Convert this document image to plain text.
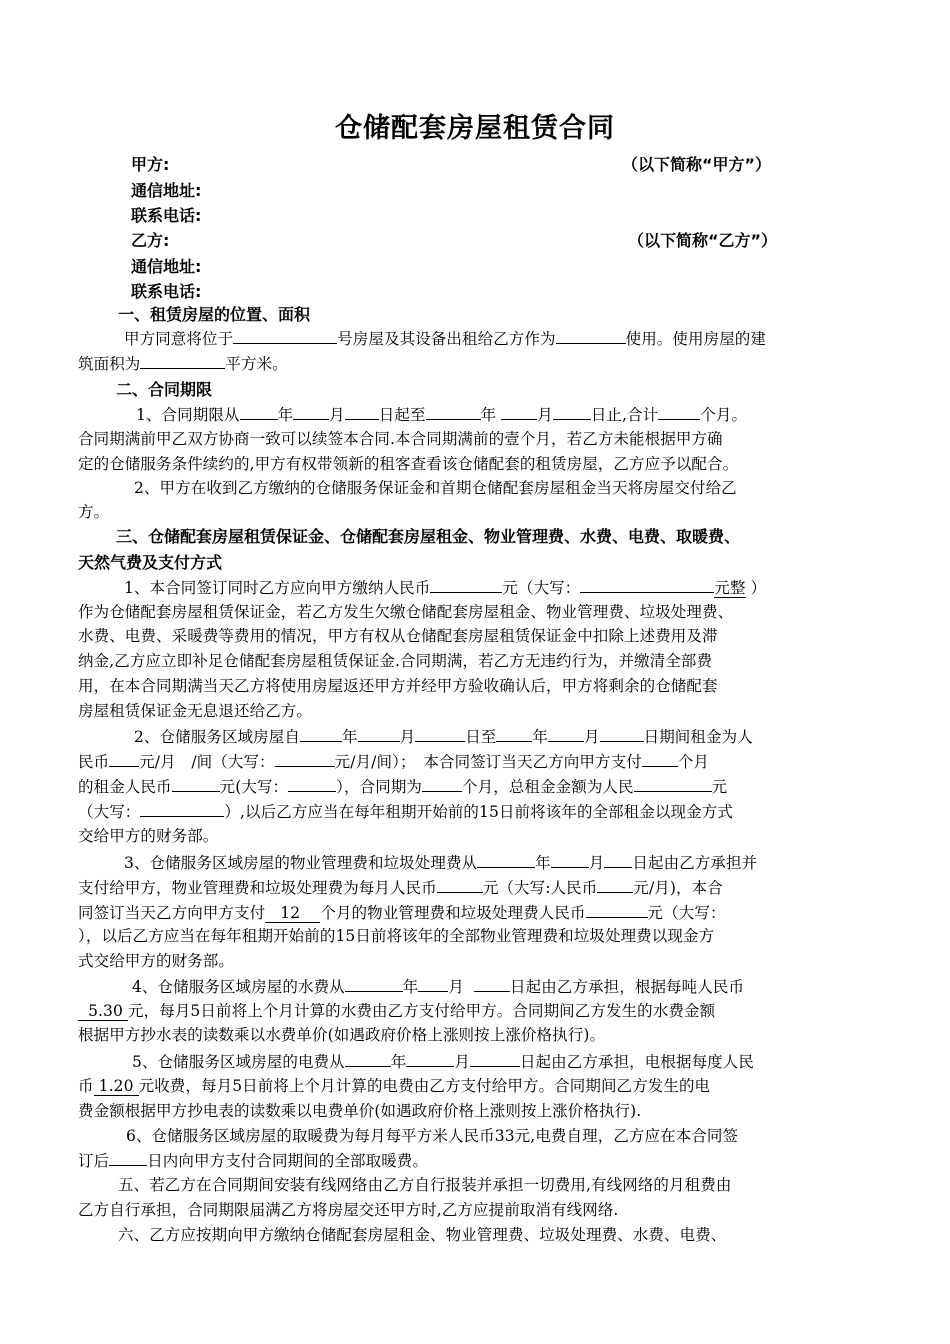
仓储配套房屋租赁合同
甲方:	（以下简称“甲方”）
通信地址:
联系电话:
乙方:	（以下简称“乙方”）
通信地址:
联系电话:
一、租赁房屋的位置、面积
甲方同意将位于	号房屋及其设备出租给乙方作为	使用。使用房屋的建
筑面积为	平方米。
二、合同期限
1、合同期限从 年 月 日起至	年	月 日止,合计	个月。
合同期满前甲乙双方协商一致可以续签本合同.本合同期满前的壹个月，若乙方未能根据甲方确
定的仓储服务条件续约的,甲方有权带领新的租客查看该仓储配套的租赁房屋，乙方应予以配合。
2、甲方在收到乙方缴纳的仓储服务保证金和首期仓储配套房屋租金当天将房屋交付给乙
方。
三、仓储配套房屋租赁保证金、仓储配套房屋租金、物业管理费、水费、电费、取暖费、
天然气费及支付方式
1、本合同签订同时乙方应向甲方缴纳人民币	元（大写：	元整 ）
作为仓储配套房屋租赁保证金，若乙方发生欠缴仓储配套房屋租金、物业管理费、垃圾处理费、
水费、电费、采暖费等费用的情况，甲方有权从仓储配套房屋租赁保证金中扣除上述费用及滞
纳金,乙方应立即补足仓储配套房屋租赁保证金.合同期满，若乙方无违约行为，并缴清全部费
用，在本合同期满当天乙方将使用房屋返还甲方并经甲方验收确认后，甲方将剩余的仓储配套
房屋租赁保证金无息退还给乙方。
2、仓储服务区域房屋自	年	月	日至 年 月	日期间租金为人
民币 元/月　/间（大写：	元/月/间）；　本合同签订当天乙方向甲方支付 个月
的租金人民币	元(大写：	），合同期为	个月，总租金金额为人民	元
（大写：	）,以后乙方应当在每年租期开始前的15日前将该年的全部租金以现金方式
交给甲方的财务部。
3、仓储服务区域房屋的物业管理费和垃圾处理费从	年 月 日起由乙方承担并
支付给甲方，物业管理费和垃圾处理费为每月人民币	元（大写:人民币 元/月)，本合
同签订当天乙方向甲方支付 12 个月的物业管理费和垃圾处理费人民币	元（大写：
），以后乙方应当在每年租期开始前的15日前将该年的全部物业管理费和垃圾处理费以现金方
式交给甲方的财务部。
4、仓储服务区域房屋的水费从	年 月	日起由乙方承担，根据每吨人民币
5.30 元，每月5日前将上个月计算的水费由乙方支付给甲方。合同期间乙方发生的水费金额
根据甲方抄水表的读数乘以水费单价(如遇政府价格上涨则按上涨价格执行)。
5、仓储服务区域房屋的电费从	年	月	日起由乙方承担，电根据每度人民
币 1.20 元收费，每月5日前将上个月计算的电费由乙方支付给甲方。合同期间乙方发生的电
费金额根据甲方抄电表的读数乘以电费单价(如遇政府价格上涨则按上涨价格执行).
6、仓储服务区域房屋的取暖费为每月每平方米人民币33元,电费自理，乙方应在本合同签
订后 日内向甲方支付合同期间的全部取暖费。
五、若乙方在合同期间安装有线网络由乙方自行报装并承担一切费用,有线网络的月租费由
乙方自行承担，合同期限届满乙方将房屋交还甲方时,乙方应提前取消有线网络.
六、乙方应按期向甲方缴纳仓储配套房屋租金、物业管理费、垃圾处理费、水费、电费、
